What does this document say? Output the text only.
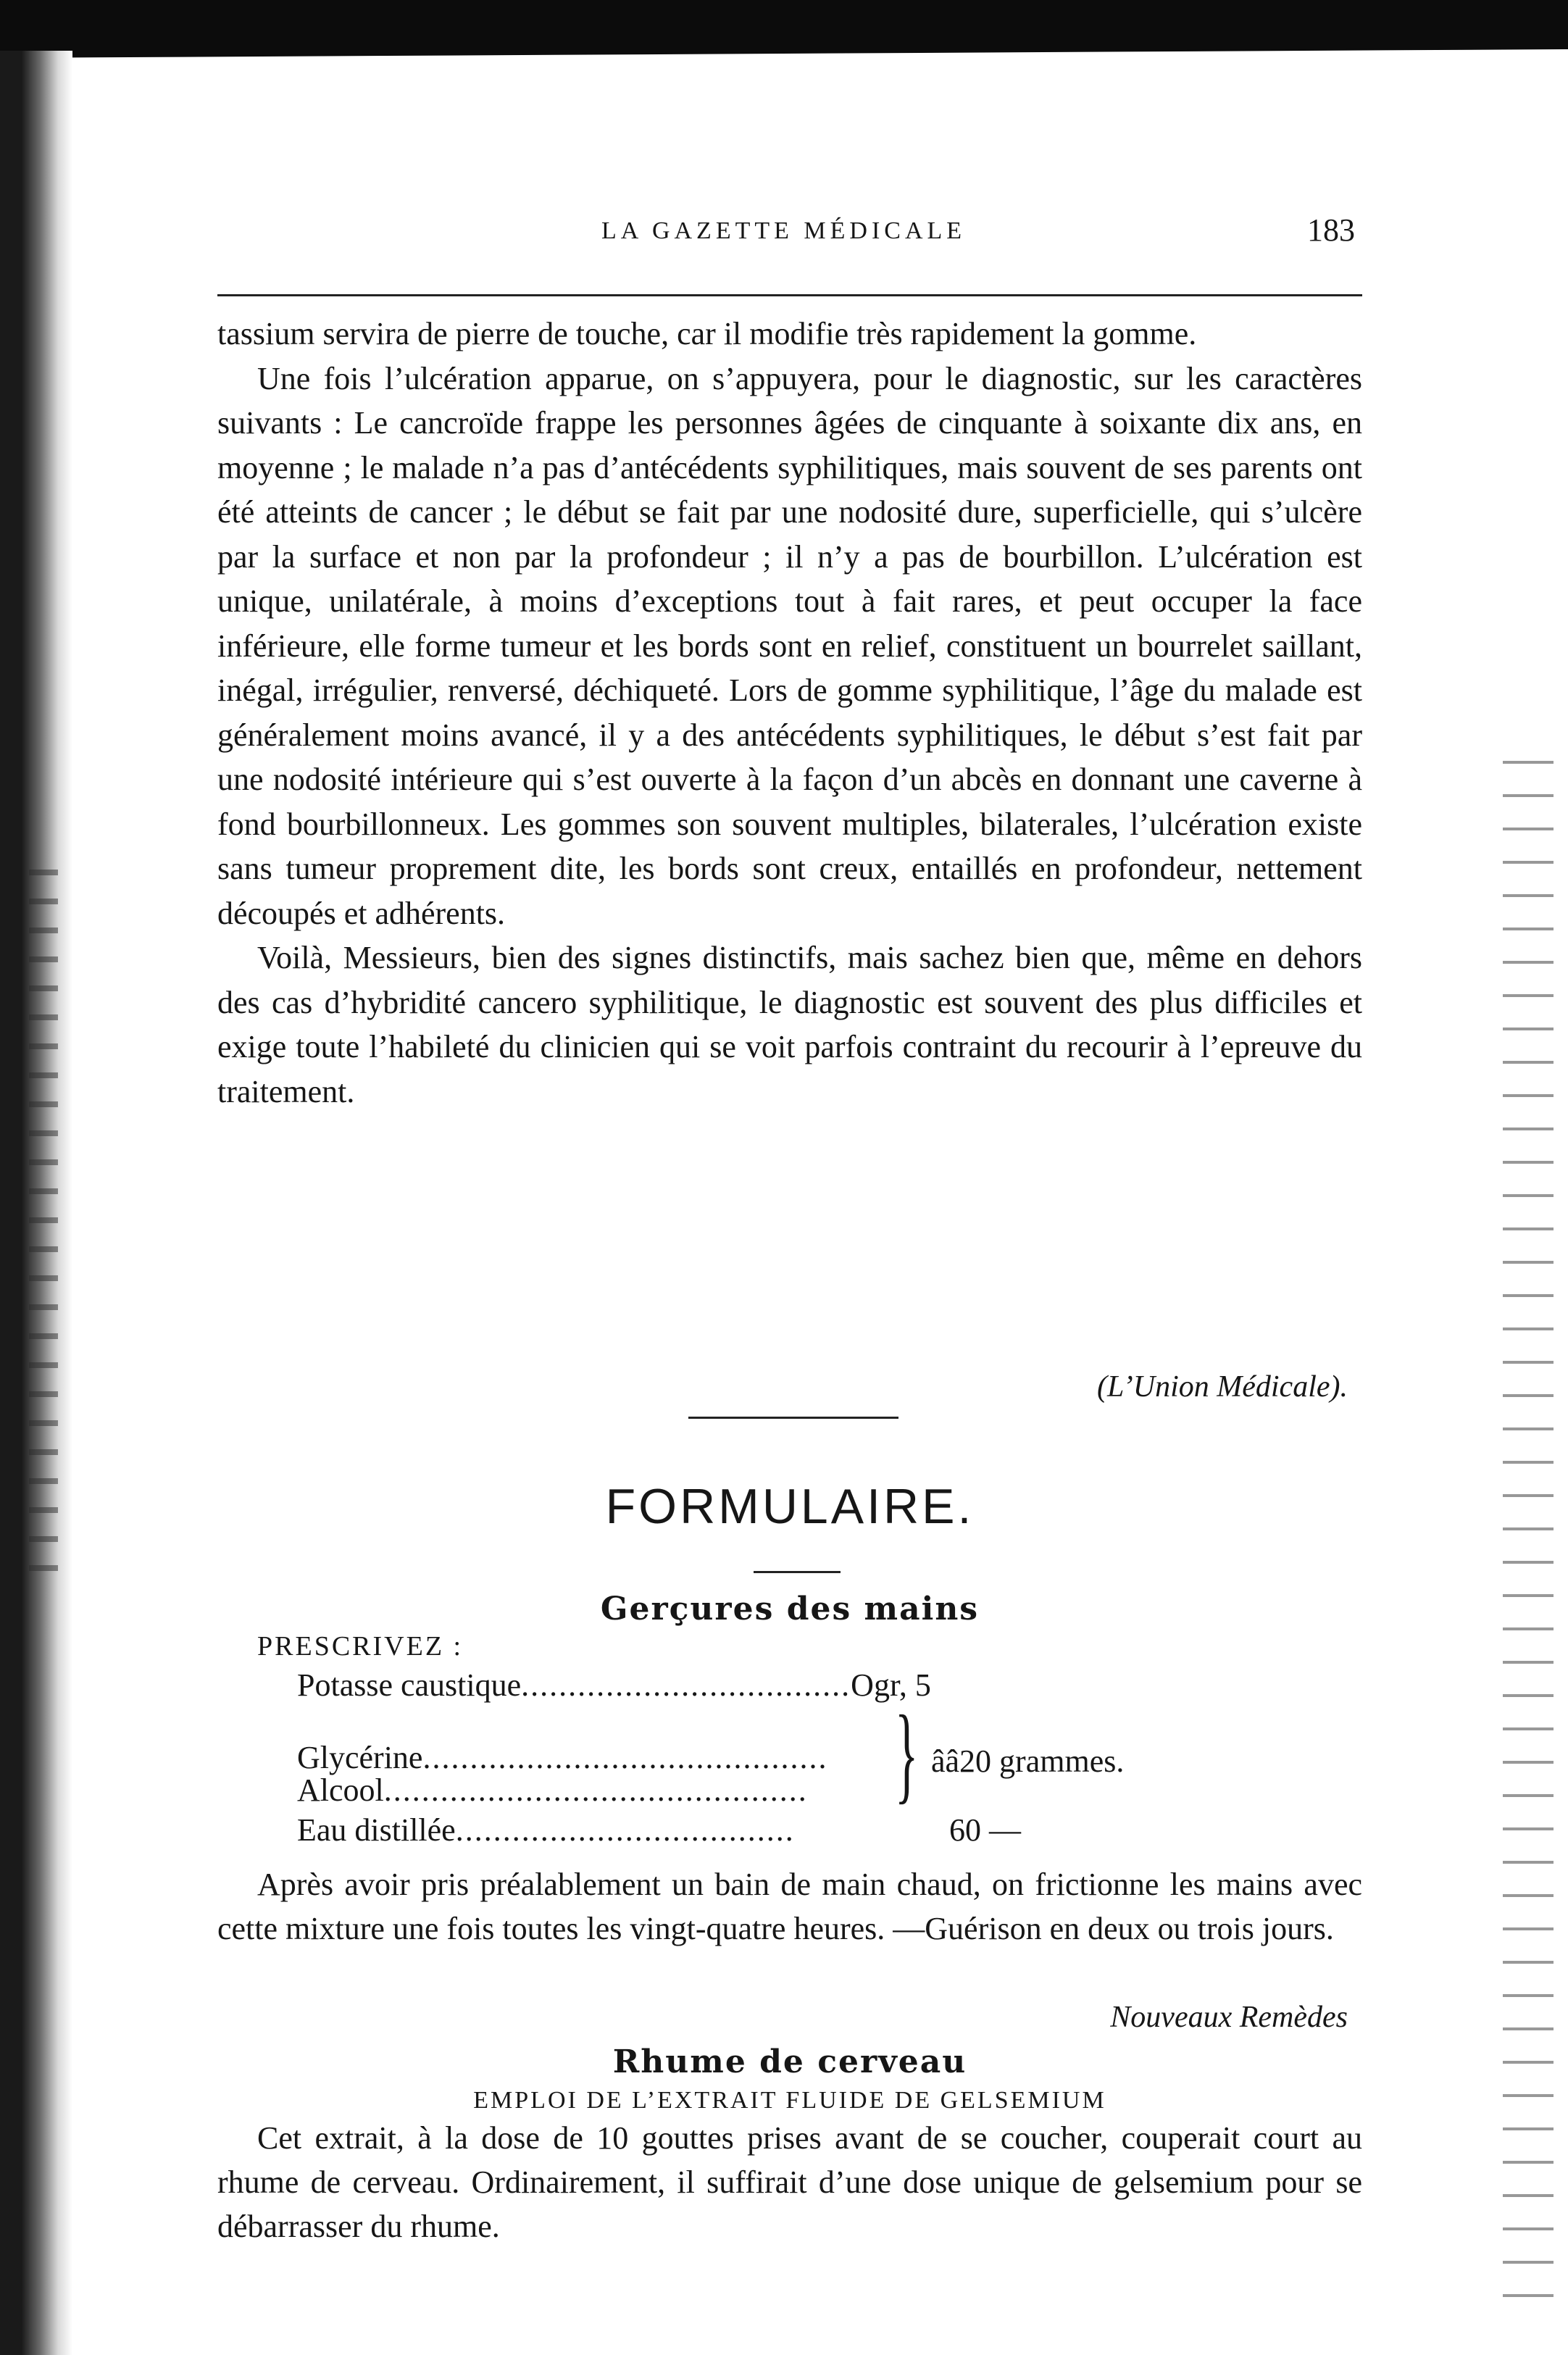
LA GAZETTE MÉDICALE	183

tassium servira de pierre de touche, car il modifie très rapidement la gomme.

Une fois l’ulcération apparue, on s’appuyera, pour le diagnostic, sur les caractères suivants : Le cancroïde frappe les personnes âgées de cinquante à soixante dix ans, en moyenne ; le malade n’a pas d’antécédents syphilitiques, mais souvent de ses parents ont été atteints de cancer ; le début se fait par une nodosité dure, superficielle, qui s’ulcère par la surface et non par la profondeur ; il n’y a pas de bourbillon. L’ulcération est unique, unilatérale, à moins d’exceptions tout à fait rares, et peut occuper la face inférieure, elle forme tumeur et les bords sont en relief, constituent un bourrelet saillant, inégal, irrégulier, renversé, déchiqueté. Lors de gomme syphilitique, l’âge du malade est généralement moins avancé, il y a des antécédents syphilitiques, le début s’est fait par une nodosité intérieure qui s’est ouverte à la façon d’un abcès en donnant une caverne à fond bourbillonneux. Les gommes son souvent multiples, bilaterales, l’ulcération existe sans tumeur proprement dite, les bords sont creux, entaillés en profondeur, nettement découpés et adhérents.

Voilà, Messieurs, bien des signes distinctifs, mais sachez bien que, même en dehors des cas d’hybridité cancero syphilitique, le diagnostic est souvent des plus difficiles et exige toute l’habileté du clinicien qui se voit parfois contraint du recourir à l’epreuve du traitement.

(L’Union Médicale).
FORMULAIRE.
Gerçures des mains
PRESCRIVEZ :
Potasse caustique...................................Ogr, 5
Glycérine...........................................
Alcool............................................. } ââ20 grammes.
Eau distillée....................................	60 —

Après avoir pris préalablement un bain de main chaud, on frictionne les mains avec cette mixture une fois toutes les vingt-quatre heures. —Guérison en deux ou trois jours.

Nouveaux Remèdes
Rhume de cerveau
EMPLOI DE L’EXTRAIT FLUIDE DE GELSEMIUM

Cet extrait, à la dose de 10 gouttes prises avant de se coucher, couperait court au rhume de cerveau. Ordinairement, il suffirait d’une dose unique de gelsemium pour se débarrasser du rhume.
